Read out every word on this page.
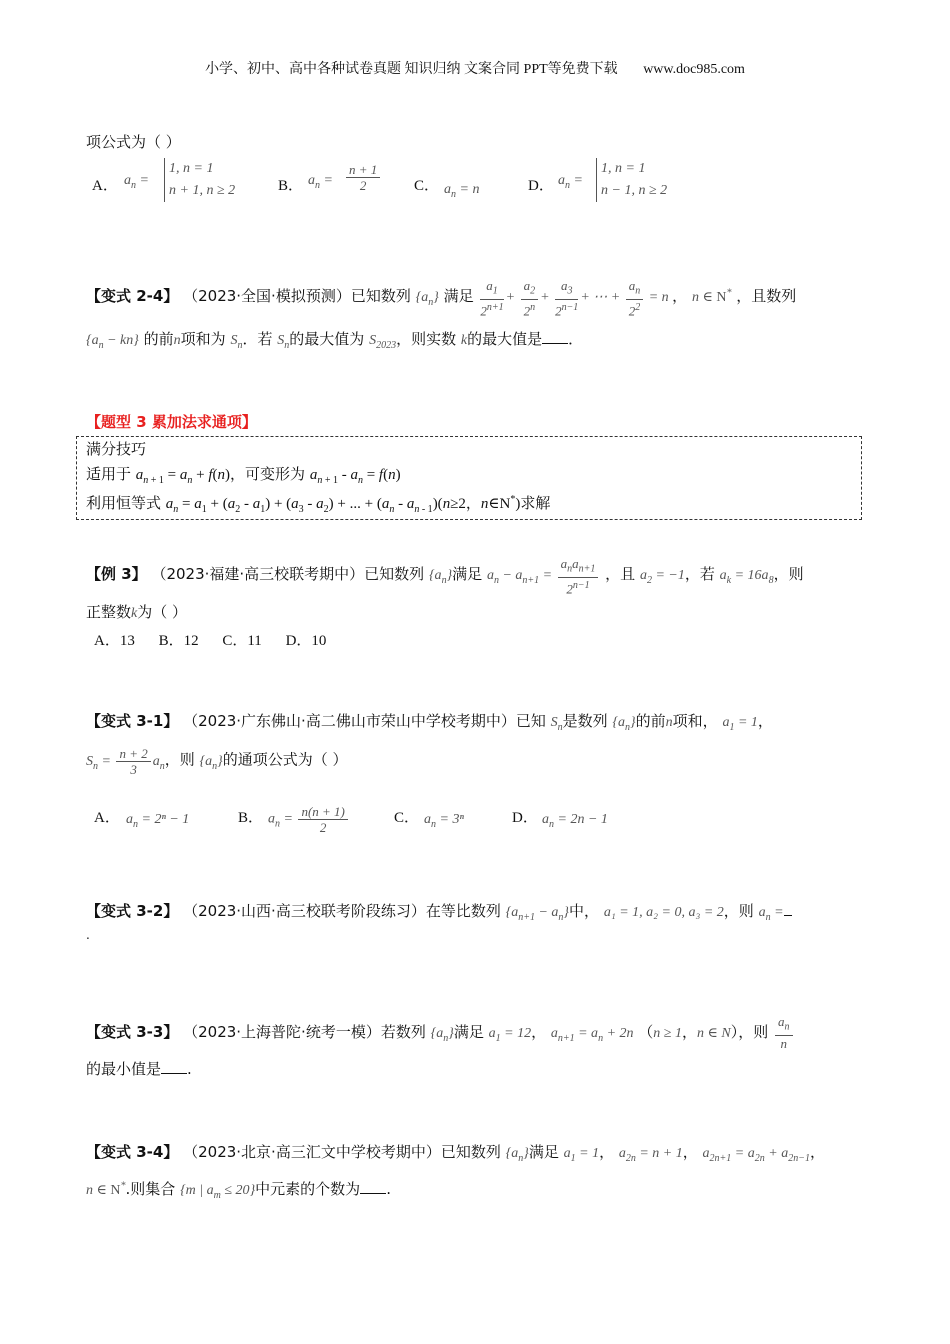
小学、初中、高中各种试卷真题 知识归纳 文案合同 PPT等免费下载 www.doc985.com
项公式为（ ）
A． $a_n$ =
1, n = 1
n + 1, n ≥ 2	B． $a_n = \frac{n + 1}{2}$ C． $a_n = n$	D． $a_n$ =
1, n = 1
n − 1, n ≥ 2
【变式 2-4】 （2023·全国·模拟预测）已知数列 $\{a_n\}$ 满足 $\frac{a_1}{2^{n+1}} + \frac{a_2}{2^n} + \frac{a_3}{2^{n-1}}$ + ⋯ + $\frac{a_n}{2^2} = n$ ， n ∈ N* ，且数列
$\{a_n - kn\}$ 的前n项和为 $S_n$．若 $S_n$的最大值为 $S_{2023}$，则实数 k的最大值是 ．
【题型 3 累加法求通项】
满分技巧
适用于 $a_{n + 1} = a_n + f(n)$，可变形为 $a_{n + 1} - a_n = f(n)$
利用恒等式 $a_n = a_1 + (a_2 - a_1) + (a_3 - a_2)$ + ... + $(a_n - a_{n - 1})(n\ge 2$，n∈N*)求解
【例 3】 （2023·福建·高三校联考期中）已知数列 $\{a_n\}$满足 $a_n - a_{n+1} = \frac{a_na_{n+1}}{2^{n-1}}$ ，且 $a_2 = -1$，若 $a_k = 16a_8$，则
正整数k为（ ）
A．13 B．12 C．11 D．10
【变式 3-1】 （2023·广东佛山·高二佛山市荣山中学校考期中）已知 $S_n$是数列 $\{a_n\}$的前n项和， $a_1 = 1$，
$S_n = \frac{n + 2}{3} a_n$，则 $\{a_n\}$的通项公式为（ ）
A． $a_n = 2^n - 1$	B． $a_n = \frac{n(n + 1)}{2}$	C． $a_n = 3^n$	D． $a_n = 2n - 1$
【变式 3-2】 （2023·山西·高三校联考阶段练习）在等比数列 $\{a_{n+1} - a_n\}$中， a₁ = 1, a₂ = 0, a₃ = 2，则 $a_n$ =
.
【变式 3-3】 （2023·上海普陀·统考一模）若数列 $\{a_n\}$满足 $a_1 = 12$， $a_{n+1} = a_n + 2n$ （n ≥ 1，n ∈ N），则 $\frac{a_n}{n}$
的最小值是 .
【变式 3-4】 （2023·北京·高三汇文中学校考期中）已知数列 $\{a_n\}$满足 $a_1 = 1$， $a_{2n} = n + 1$， $a_{2n+1} = a_{2n} + a_{2n-1}$，
n ∈ N*.则集合 {m | $a_m \le 20$}中元素的个数为 .
